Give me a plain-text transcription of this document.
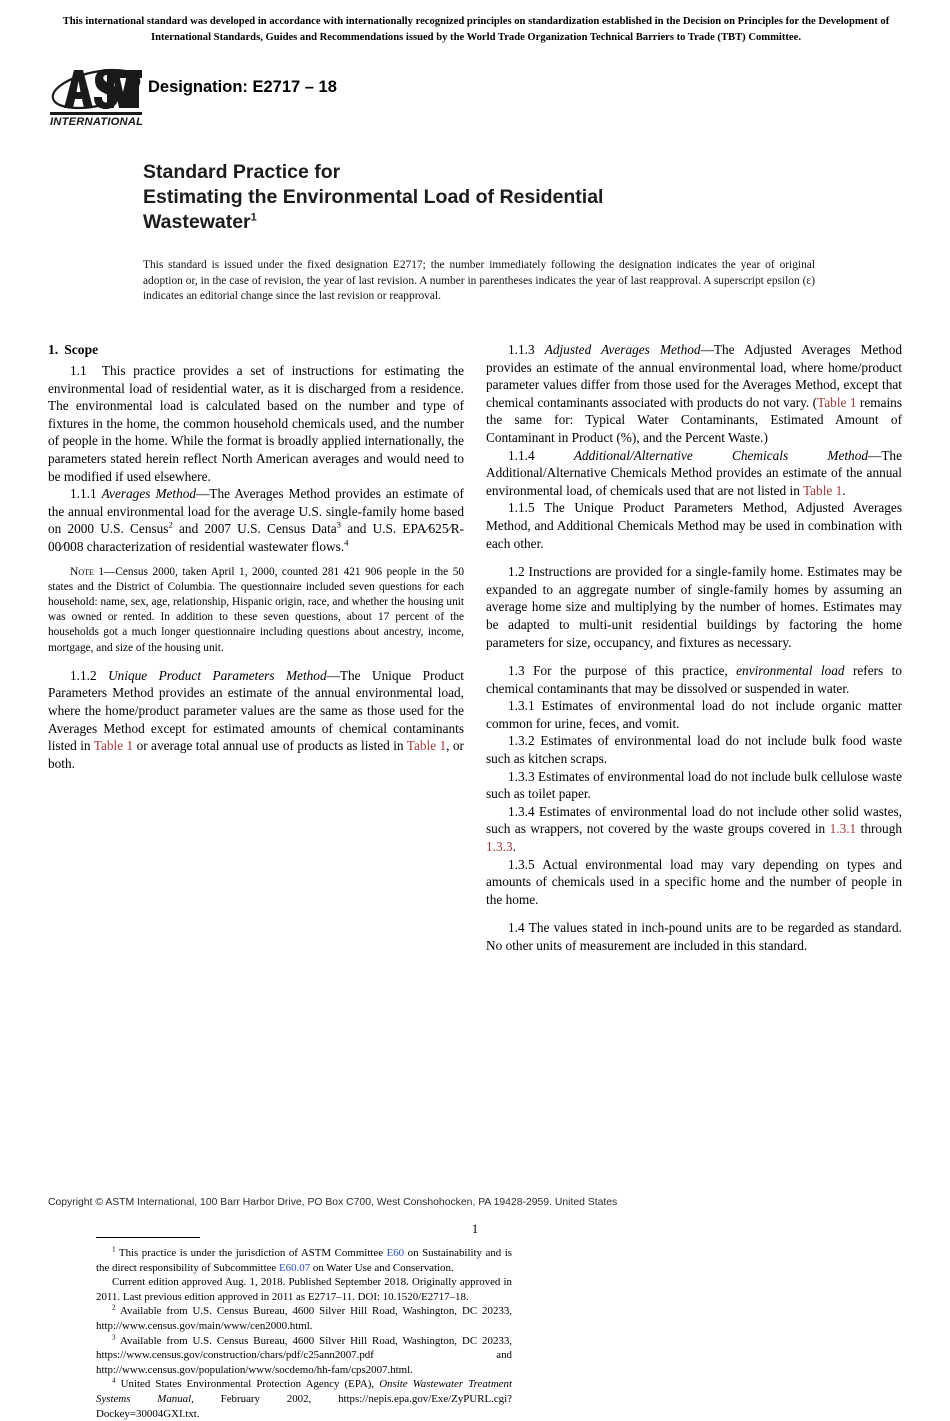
This international standard was developed in accordance with internationally recognized principles on standardization established in the Decision on Principles for the Development of International Standards, Guides and Recommendations issued by the World Trade Organization Technical Barriers to Trade (TBT) Committee.
INTERNATIONAL
Designation: E2717 – 18
Standard Practice for
Estimating the Environmental Load of Residential
Wastewater$^1$
This standard is issued under the fixed designation E2717; the number immediately following the designation indicates the year of original adoption or, in the case of revision, the year of last revision. A number in parentheses indicates the year of last reapproval. A superscript epsilon (ε) indicates an editorial change since the last revision or reapproval.
1. Scope

1.1 This practice provides a set of instructions for estimating the environmental load of residential water, as it is discharged from a residence. The environmental load is calculated based on the number and type of fixtures in the home, the common household chemicals used, and the number of people in the home. While the format is broadly applied internationally, the parameters stated herein reflect North American averages and would need to be modified if used elsewhere.

1.1.1 Averages Method—The Averages Method provides an estimate of the annual environmental load for the average U.S. single-family home based on 2000 U.S. Census$^2$ and 2007 U.S. Census Data$^3$ and U.S. EPA⁄625⁄R-00⁄008 characterization of residential wastewater flows.$^4$

Note 1—Census 2000, taken April 1, 2000, counted 281 421 906 people in the 50 states and the District of Columbia. The questionnaire included seven questions for each household: name, sex, age, relationship, Hispanic origin, race, and whether the housing unit was owned or rented. In addition to these seven questions, about 17 percent of the households got a much longer questionnaire including questions about ancestry, income, mortgage, and size of the housing unit.

1.1.2 Unique Product Parameters Method—The Unique Product Parameters Method provides an estimate of the annual environmental load, where the home/product parameter values are the same as those used for the Averages Method except for estimated amounts of chemical contaminants listed in Table 1 or average total annual use of products as listed in Table 1, or both.

$^1$ This practice is under the jurisdiction of ASTM Committee E60 on Sustainability and is the direct responsibility of Subcommittee E60.07 on Water Use and Conservation.

Current edition approved Aug. 1, 2018. Published September 2018. Originally approved in 2011. Last previous edition approved in 2011 as E2717–11. DOI: 10.1520/E2717–18.

$^2$ Available from U.S. Census Bureau, 4600 Silver Hill Road, Washington, DC 20233, http://www.census.gov/main/www/cen2000.html.

$^3$ Available from U.S. Census Bureau, 4600 Silver Hill Road, Washington, DC 20233, https://www.census.gov/construction/chars/pdf/c25ann2007.pdf and http://www.census.gov/population/www/socdemo/hh-fam/cps2007.html.

$^4$ United States Environmental Protection Agency (EPA), Onsite Wastewater Treatment Systems Manual, February 2002, https://nepis.epa.gov/Exe/ZyPURL.cgi?Dockey=30004GXI.txt.

1.1.3 Adjusted Averages Method—The Adjusted Averages Method provides an estimate of the annual environmental load, where home/product parameter values differ from those used for the Averages Method, except that chemical contaminants associated with products do not vary. (Table 1 remains the same for: Typical Water Contaminants, Estimated Amount of Contaminant in Product (%), and the Percent Waste.)

1.1.4	Additional/Alternative Chemicals Method—The Additional/Alternative Chemicals Method provides an estimate of the annual environmental load, of chemicals used that are not listed in Table 1.

1.1.5 The Unique Product Parameters Method, Adjusted Averages Method, and Additional Chemicals Method may be used in combination with each other.

1.2 Instructions are provided for a single-family home. Estimates may be expanded to an aggregate number of single-family homes by assuming an average home size and multiplying by the number of homes. Estimates may be adapted to multi-unit residential buildings by factoring the home parameters for size, occupancy, and fixtures as necessary.

1.3 For the purpose of this practice, environmental load refers to chemical contaminants that may be dissolved or suspended in water.

1.3.1 Estimates of environmental load do not include organic matter common for urine, feces, and vomit.

1.3.2 Estimates of environmental load do not include bulk food waste such as kitchen scraps.

1.3.3 Estimates of environmental load do not include bulk cellulose waste such as toilet paper.

1.3.4 Estimates of environmental load do not include other solid wastes, such as wrappers, not covered by the waste groups covered in 1.3.1 through 1.3.3.

1.3.5 Actual environmental load may vary depending on types and amounts of chemicals used in a specific home and the number of people in the home.

1.4 The values stated in inch-pound units are to be regarded as standard. No other units of measurement are included in this standard.

Copyright © ASTM International, 100 Barr Harbor Drive, PO Box C700, West Conshohocken, PA 19428-2959. United States
1
